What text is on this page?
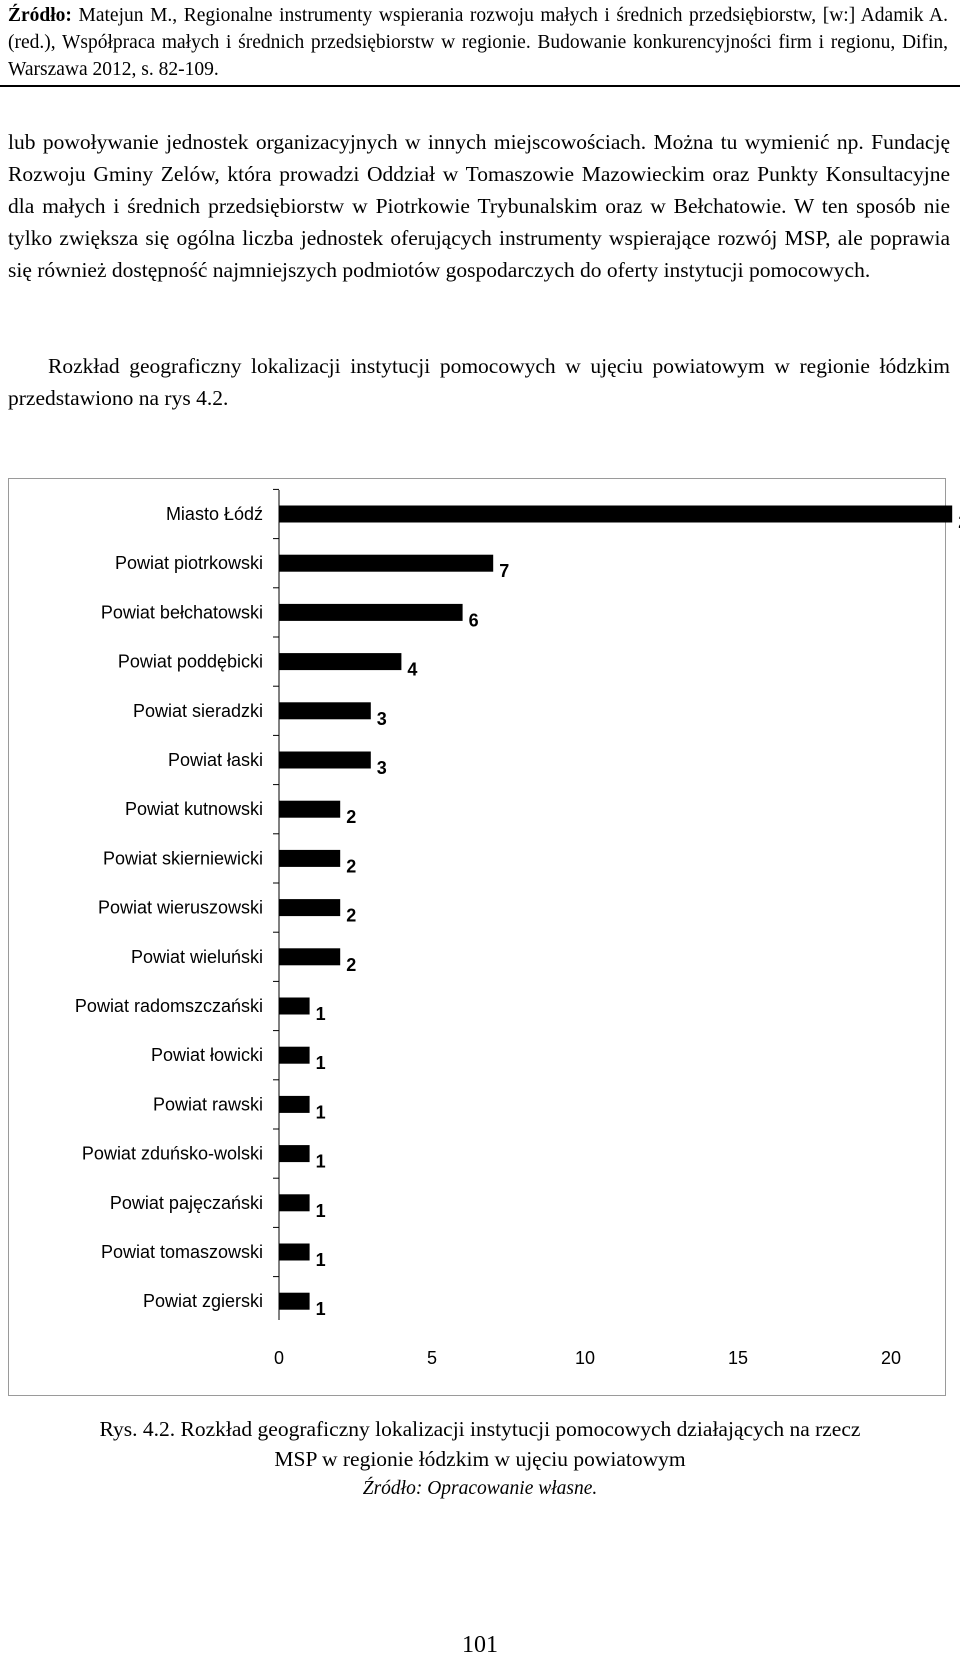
Źródło: Matejun M., Regionalne instrumenty wspierania rozwoju małych i średnich przedsiębiorstw, [w:] Adamik A. (red.), Współpraca małych i średnich przedsiębiorstw w regionie. Budowanie konkurencyjności firm i regionu, Difin, Warszawa 2012, s. 82-109.

lub powoływanie jednostek organizacyjnych w innych miejscowościach. Można tu wymienić np. Fundację Rozwoju Gminy Zelów, która prowadzi Oddział w Tomaszowie Mazowieckim oraz Punkty Konsultacyjne dla małych i średnich przedsiębiorstw w Piotrkowie Trybunalskim oraz w Bełchatowie. W ten sposób nie tylko zwiększa się ogólna liczba jednostek oferujących instrumenty wspierające rozwój MSP, ale poprawia się również dostępność najmniejszych podmiotów gospodarczych do oferty instytucji pomocowych.

Rozkład geograficzny lokalizacji instytucji pomocowych w ujęciu powiatowym w regionie łódzkim przedstawiono na rys 4.2.

Miasto Łódź
Powiat piotrkowski	7
Powiat bełchatowski	6
Powiat poddębicki	4
Powiat sieradzki	3
Powiat łaski	3
Powiat kutnowski	2
Powiat skierniewicki	2
Powiat wieruszowski	2
Powiat wieluński	2
Powiat radomszczański	1
Powiat łowicki	1
Powiat rawski	1
Powiat zduńsko-wolski	1
Powiat pajęczański	1
Powiat tomaszowski	1
Powiat zgierski	1
0	5	10	15	20
Rys. 4.2. Rozkład geograficzny lokalizacji instytucji pomocowych działających na rzecz
MSP w regionie łódzkim w ujęciu powiatowym
Źródło: Opracowanie własne.
101
